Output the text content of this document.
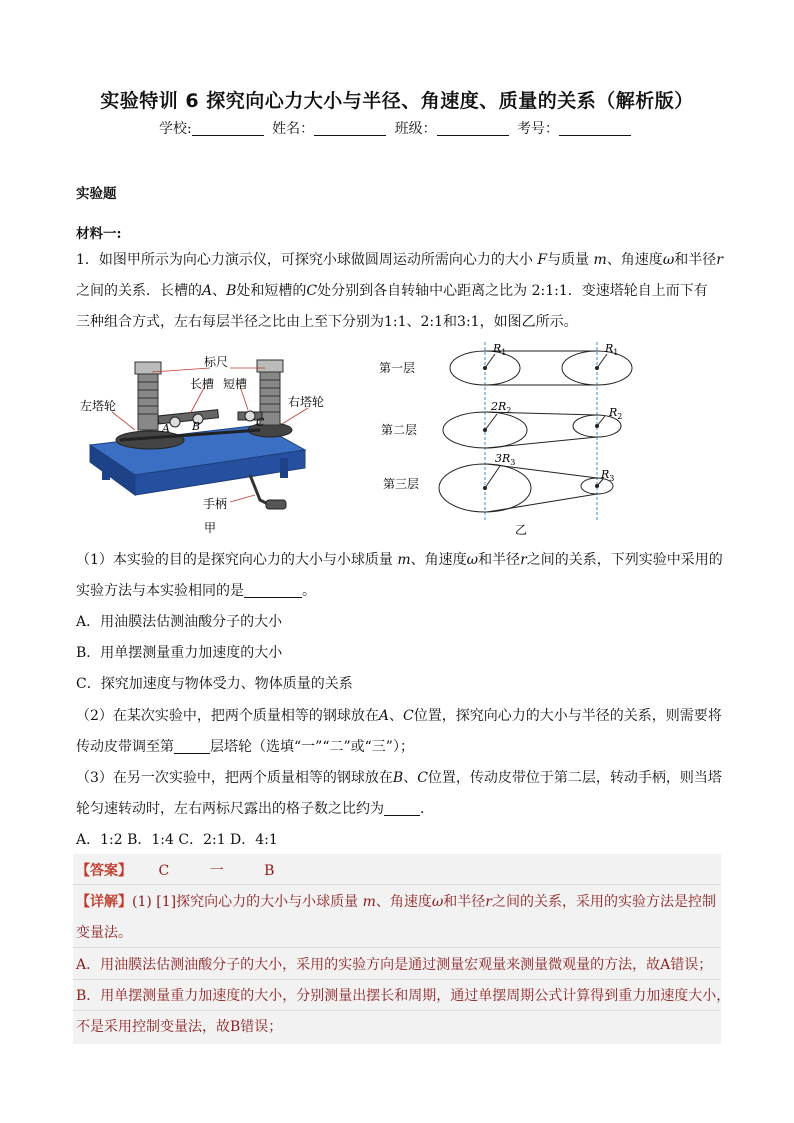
实验特训 6 探究向心力大小与半径、角速度、质量的关系（解析版）
学校:	姓名：	班级：	考号：
实验题
材料一:
1．如图甲所示为向心力演示仪，可探究小球做圆周运动所需向心力的大小 F与质量 m、角速度ω和半径r
之间的关系．长槽的A、B处和短槽的C处分别到各自转轴中心距离之比为 2:1:1．变速塔轮自上而下有
三种组合方式，左右每层半径之比由上至下分别为1:1、2:1和3:1，如图乙所示。
标尺
长槽 短槽
左塔轮	右塔轮
A B	C
手柄
甲
第一层
第二层
第三层
$R_1$	$R_1$
$2R_2$	$R_2$
$3R_3$
$R_3$
乙
（1）本实验的目的是探究向心力的大小与小球质量 m、角速度ω和半径r之间的关系，下列实验中采用的
实验方法与本实验相同的是	。
A．用油膜法估测油酸分子的大小
B．用单摆测量重力加速度的大小
C．探究加速度与物体受力、物体质量的关系
（2）在某次实验中，把两个质量相等的钢球放在A、C位置，探究向心力的大小与半径的关系，则需要将
传动皮带调至第	层塔轮（选填“一”“二”或“三”）；
（3）在另一次实验中，把两个质量相等的钢球放在B、C位置，传动皮带位于第二层，转动手柄，则当塔
轮匀速转动时，左右两标尺露出的格子数之比约为	．
A．1:2 B．1:4 C．2:1 D．4:1
【答案】 C	一	B
【详解】(1) [1]探究向心力的大小与小球质量 m、角速度ω和半径r之间的关系，采用的实验方法是控制
变量法。
A．用油膜法估测油酸分子的大小，采用的实验方向是通过测量宏观量来测量微观量的方法，故A错误；
B．用单摆测量重力加速度的大小，分别测量出摆长和周期，通过单摆周期公式计算得到重力加速度大小，
不是采用控制变量法，故B错误；
